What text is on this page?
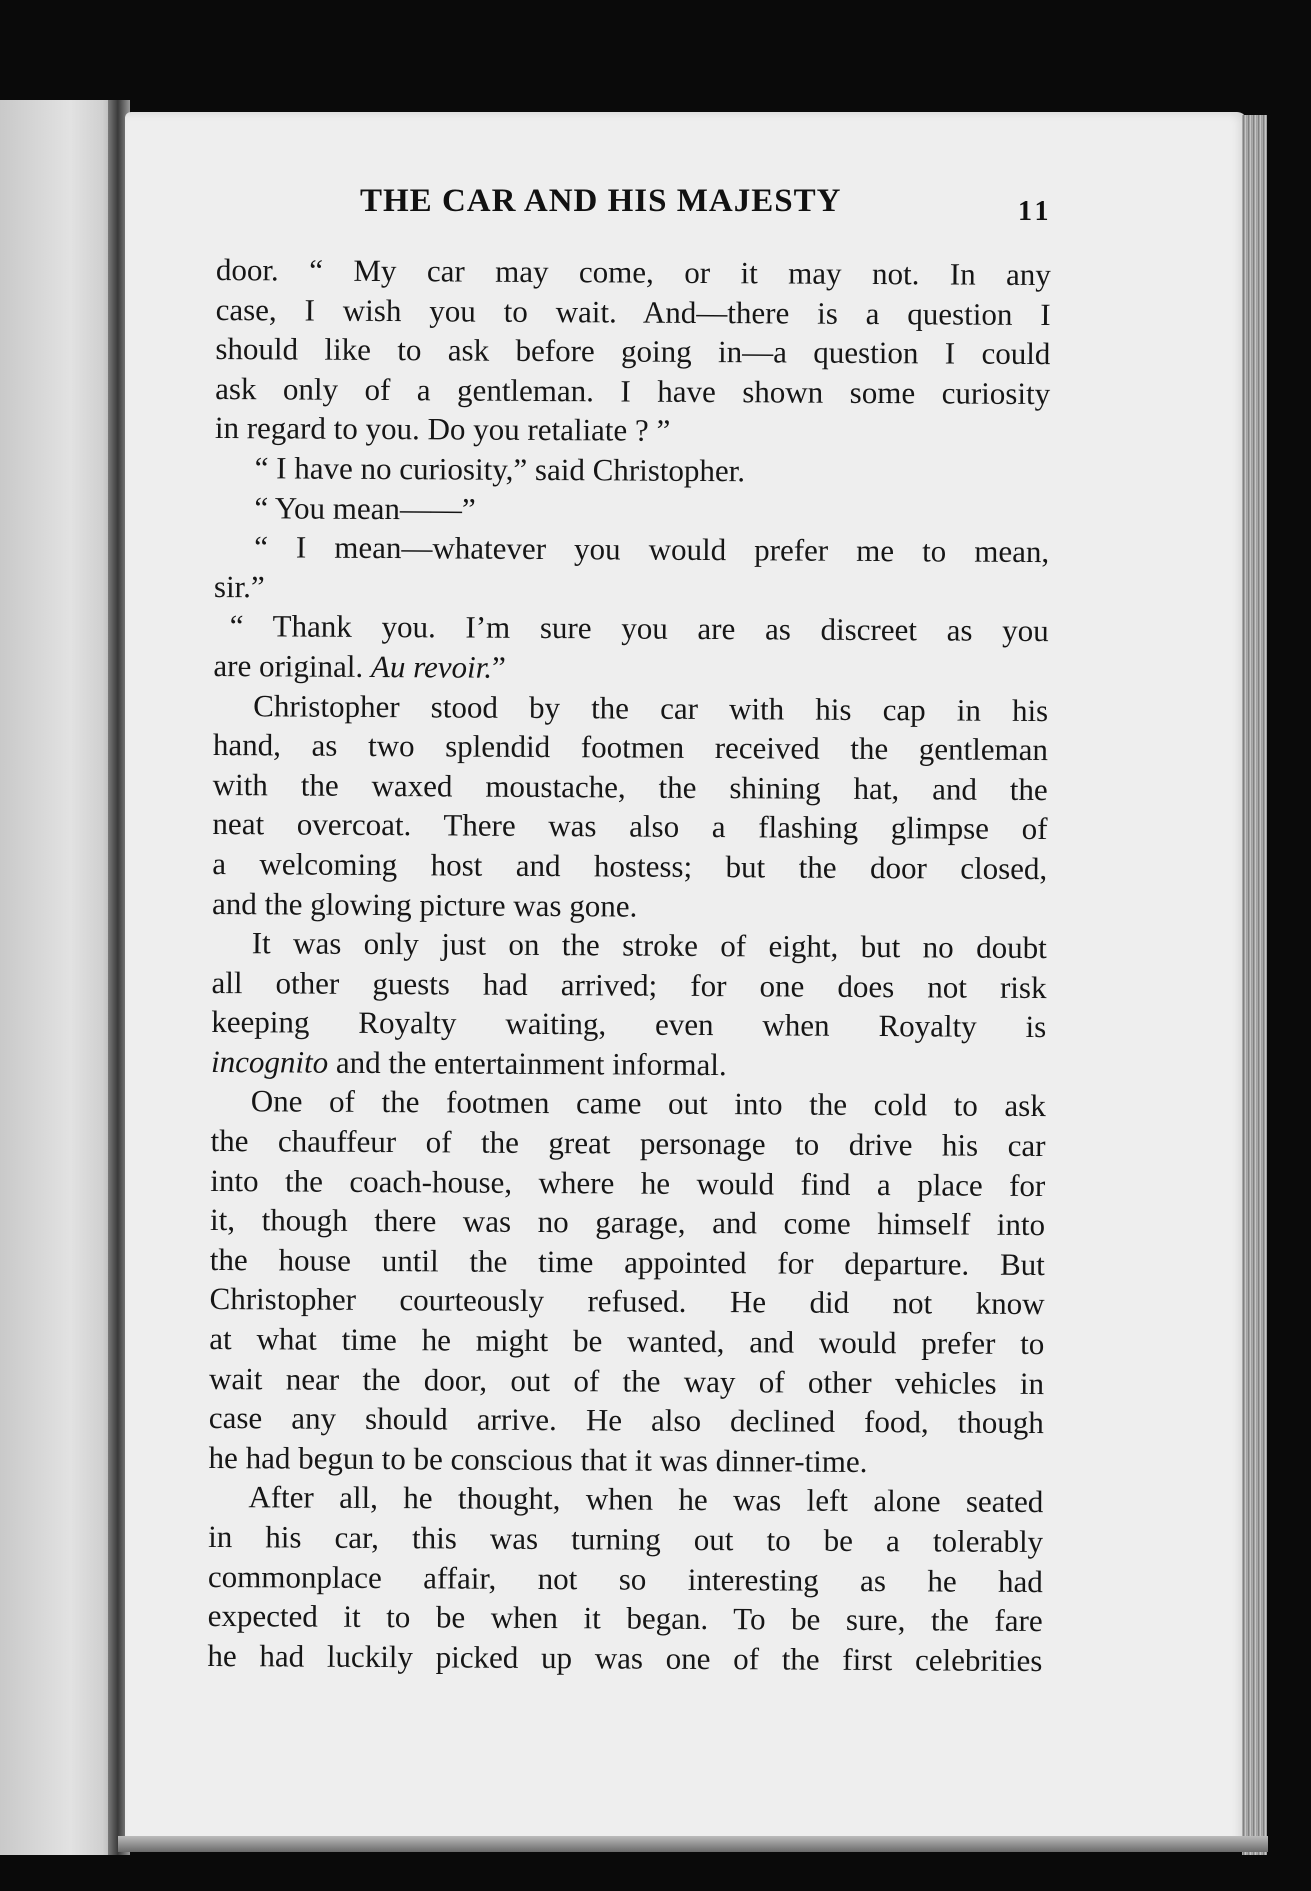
THE CAR AND HIS MAJESTY	11
door. “ My car may come, or it may not. In any
case, I wish you to wait. And—there is a question I
should like to ask before going in—a question I could
ask only of a gentleman. I have shown some curiosity
in regard to you. Do you retaliate ? ”
“ I have no curiosity,” said Christopher.
“ You mean——”
“ I mean—whatever you would prefer me to mean,
sir.”
“ Thank you. I’m sure you are as discreet as you
are original. Au revoir.”
Christopher stood by the car with his cap in his
hand, as two splendid footmen received the gentleman
with the waxed moustache, the shining hat, and the
neat overcoat. There was also a flashing glimpse of
a welcoming host and hostess; but the door closed,
and the glowing picture was gone.
It was only just on the stroke of eight, but no doubt
all other guests had arrived; for one does not risk
keeping Royalty waiting, even when Royalty is
incognito and the entertainment informal.
One of the footmen came out into the cold to ask
the chauffeur of the great personage to drive his car
into the coach-house, where he would find a place for
it, though there was no garage, and come himself into
the house until the time appointed for departure. But
Christopher courteously refused. He did not know
at what time he might be wanted, and would prefer to
wait near the door, out of the way of other vehicles in
case any should arrive. He also declined food, though
he had begun to be conscious that it was dinner-time.
After all, he thought, when he was left alone seated
in his car, this was turning out to be a tolerably
commonplace affair, not so interesting as he had
expected it to be when it began. To be sure, the fare
he had luckily picked up was one of the first celebrities
